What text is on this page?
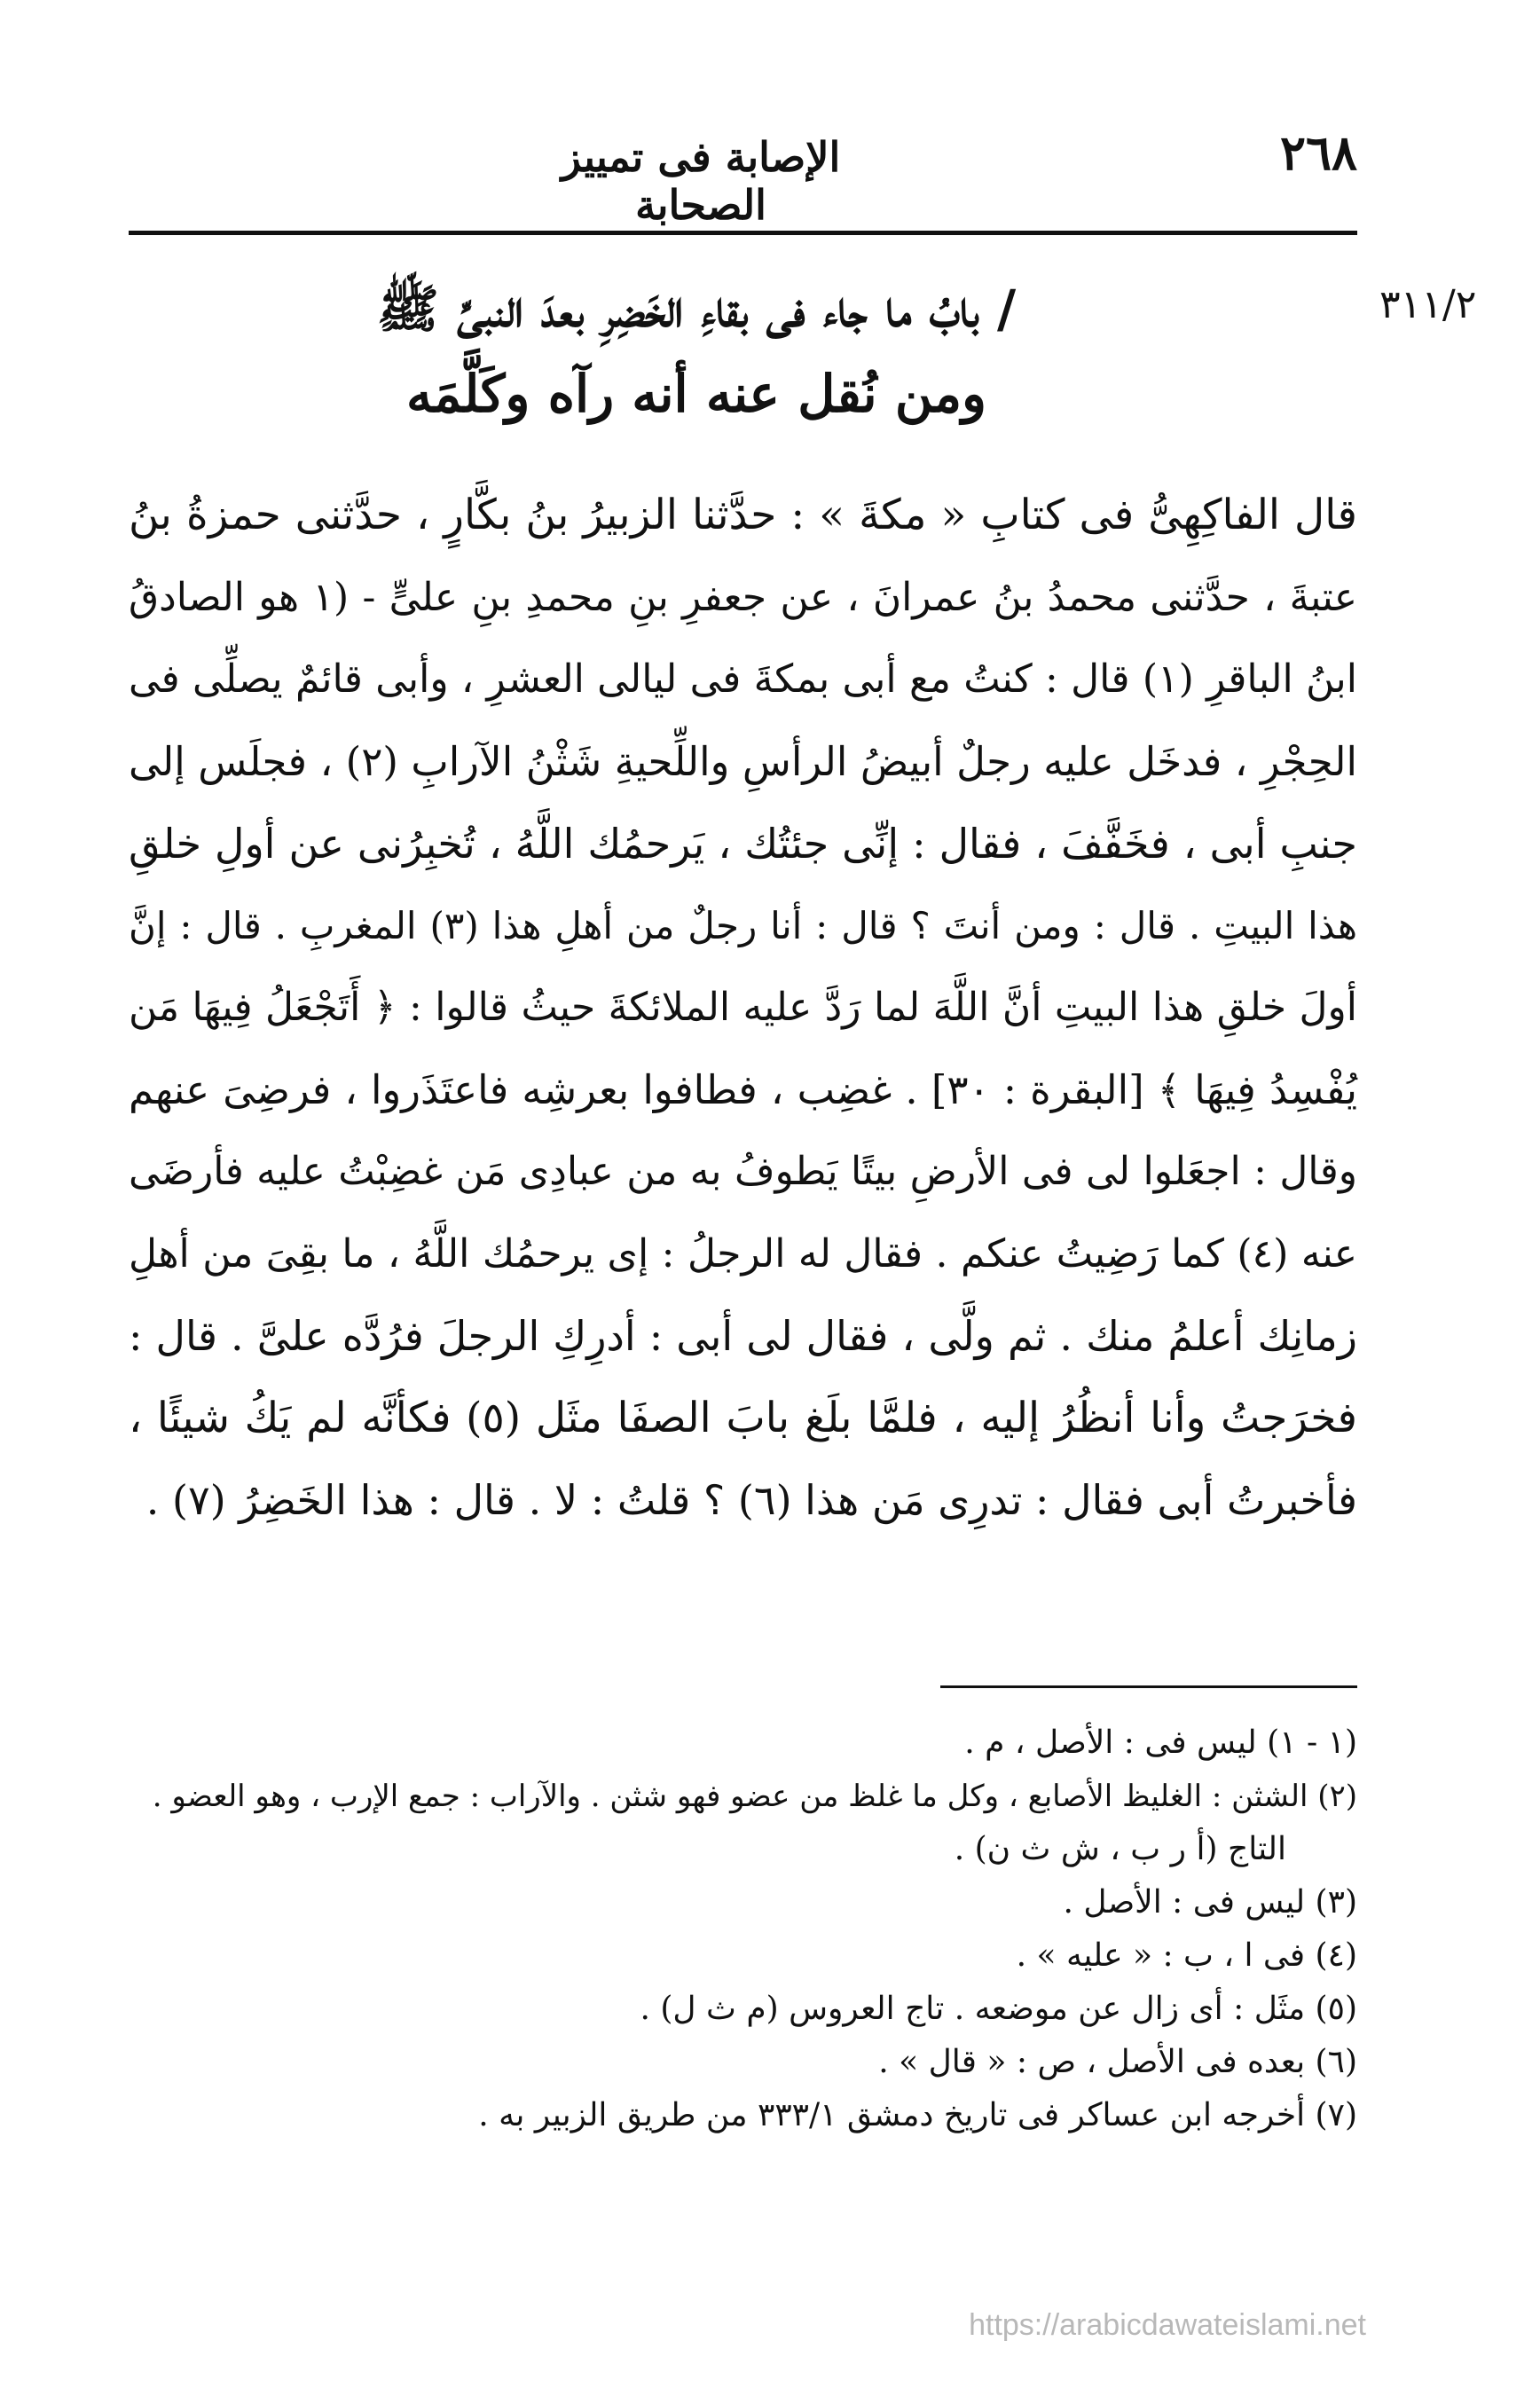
٢٦٨
الإصابة فى تمييز الصحابة
٣١١/٢
/ بابُ ما جاء فى بقاءِ الخَضِرِ بعدَ النبىِّ ﷺ
ومن نُقل عنه أنه رآه وكَلَّمَه
قال الفاكِهِىُّ فى كتابِ « مكةَ » : حدَّثنا الزبيرُ بنُ بكَّارٍ ، حدَّثنى حمزةُ بنُ
عتبةَ ، حدَّثنى محمدُ بنُ عمرانَ ، عن جعفرِ بنِ محمدِ بنِ علىٍّ - (١ هو الصادقُ
ابنُ الباقرِ (١) قال : كنتُ مع أبى بمكةَ فى ليالى العشرِ ، وأبى قائمٌ يصلِّى فى
الحِجْرِ ، فدخَل عليه رجلٌ أبيضُ الرأسِ واللِّحيةِ شَثْنُ الآرابِ (٢) ، فجلَس إلى
جنبِ أبى ، فخَفَّفَ ، فقال : إنِّى جئتُك ، يَرحمُك اللَّهُ ، تُخبِرُنى عن أولِ خلقِ
هذا البيتِ . قال : ومن أنتَ ؟ قال : أنا رجلٌ من أهلِ هذا (٣) المغربِ . قال : إنَّ
أولَ خلقِ هذا البيتِ أنَّ اللَّهَ لما رَدَّ عليه الملائكةَ حيثُ قالوا : ﴿ أَتَجْعَلُ فِيهَا مَن
يُفْسِدُ فِيهَا ﴾ [البقرة : ٣٠] . غضِب ، فطافوا بعرشِه فاعتَذَروا ، فرضِىَ عنهم
وقال : اجعَلوا لى فى الأرضِ بيتًا يَطوفُ به من عبادِى مَن غضِبْتُ عليه فأرضَى
عنه (٤) كما رَضِيتُ عنكم . فقال له الرجلُ : إى يرحمُك اللَّهُ ، ما بقِىَ من أهلِ
زمانِك أعلمُ منك . ثم ولَّى ، فقال لى أبى : أدرِكِ الرجلَ فرُدَّه علىَّ . قال :
فخرَجتُ وأنا أنظُرُ إليه ، فلمَّا بلَغ بابَ الصفَا مثَل (٥) فكأنَّه لم يَكُ شيئًا ،
فأخبرتُ أبى فقال : تدرِى مَن هذا (٦) ؟ قلتُ : لا . قال : هذا الخَضِرُ (٧) .
(١ - ١) ليس فى : الأصل ، م .
(٢) الشثن : الغليظ الأصابع ، وكل ما غلظ من عضو فهو شثن . والآراب : جمع الإرب ، وهو العضو .
التاج (أ ر ب ، ش ث ن) .
(٣) ليس فى : الأصل .
(٤) فى ا ، ب : « عليه » .
(٥) مثَل : أى زال عن موضعه . تاج العروس (م ث ل) .
(٦) بعده فى الأصل ، ص : « قال » .
(٧) أخرجه ابن عساكر فى تاريخ دمشق ٣٣٣/١ من طريق الزبير به .
https://arabicdawateislami.net
